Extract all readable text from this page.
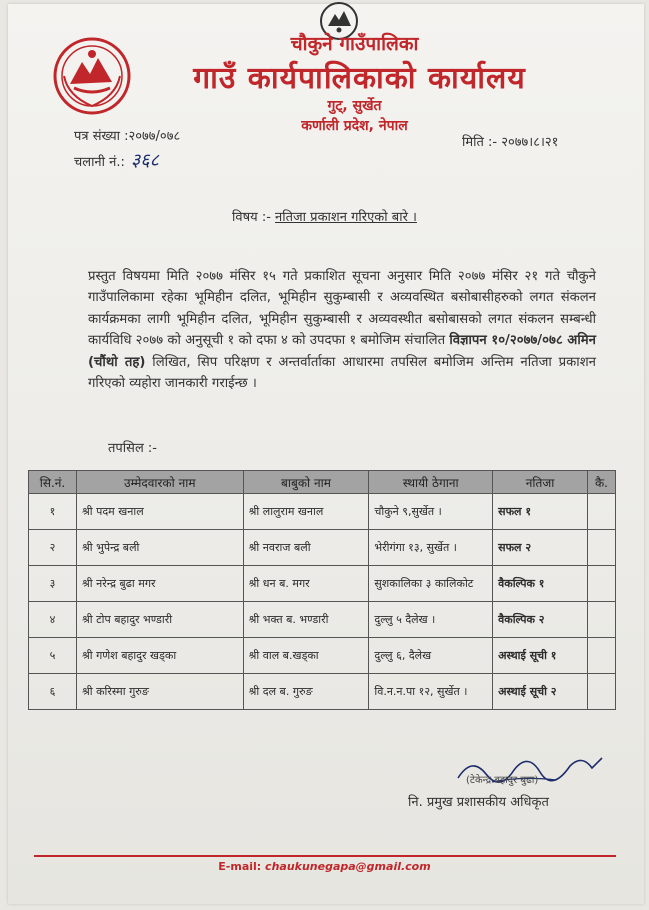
चौकुने गाउँपालिका
गाउँ कार्यपालिकाको कार्यालय
गुट्, सुर्खेत
कर्णाली प्रदेश, नेपाल
पत्र संख्या :२०७७/०७८
चलानी नं.: ३६८
मिति :- २०७७।८।२१
विषय :- नतिजा प्रकाशन गरिएको बारे ।
प्रस्तुत विषयमा मिति २०७७ मंसिर १५ गते प्रकाशित सूचना अनुसार मिति २०७७ मंसिर २१ गते चौकुने गाउँपालिकामा रहेका भूमिहीन दलित, भूमिहीन सुकुम्बासी र अव्यवस्थित बसोबासीहरुको लगत संकलन कार्यक्रमका लागी भूमिहीन दलित, भूमिहीन सुकुम्बासी र अव्यवस्थीत बसोबासको लगत संकलन सम्बन्धी कार्यविधि २०७७ को अनुसूची १ को दफा ४ को उपदफा १ बमोजिम संचालित विज्ञापन १०/२०७७/०७८ अमिन (चौंथो तह) लिखित, सिप परिक्षण र अन्तर्वार्ताका आधारमा तपसिल बमोजिम अन्तिम नतिजा प्रकाशन गरिएको व्यहोरा जानकारी गराईन्छ ।
तपसिल :-
सि.नं.	उम्मेदवारको नाम	बाबुको नाम	स्थायी ठेगाना	नतिजा	कै.
१	श्री पदम खनाल	श्री लालुराम खनाल	चौकुने ९,सुर्खेत ।	सफल १	
२	श्री भुपेन्द्र बली	श्री नवराज बली	भेरीगंगा १३, सुर्खेत ।	सफल २	
३	श्री नरेन्द्र बुढा मगर	श्री धन ब. मगर	सुशकालिका ३ कालिकोट	वैकल्पिक १	
४	श्री टोप बहादुर भण्डारी	श्री भक्त ब. भण्डारी	दुल्लु ५ दैलेख ।	वैकल्पिक २	
५	श्री गणेश बहादुर खड्का	श्री वाल ब.खड्का	दुल्लु ६, दैलेख	अस्थाई सूची १	
६	श्री करिस्मा गुरुङ	श्री दल ब. गुरुङ	वि.न.न.पा १२, सुर्खेत ।	अस्थाई सूची २	
(टेकेन्द्र बहादुर बुढा)
नि. प्रमुख प्रशासकीय अधिकृत
E-mail: chaukunegapa@gmail.com
